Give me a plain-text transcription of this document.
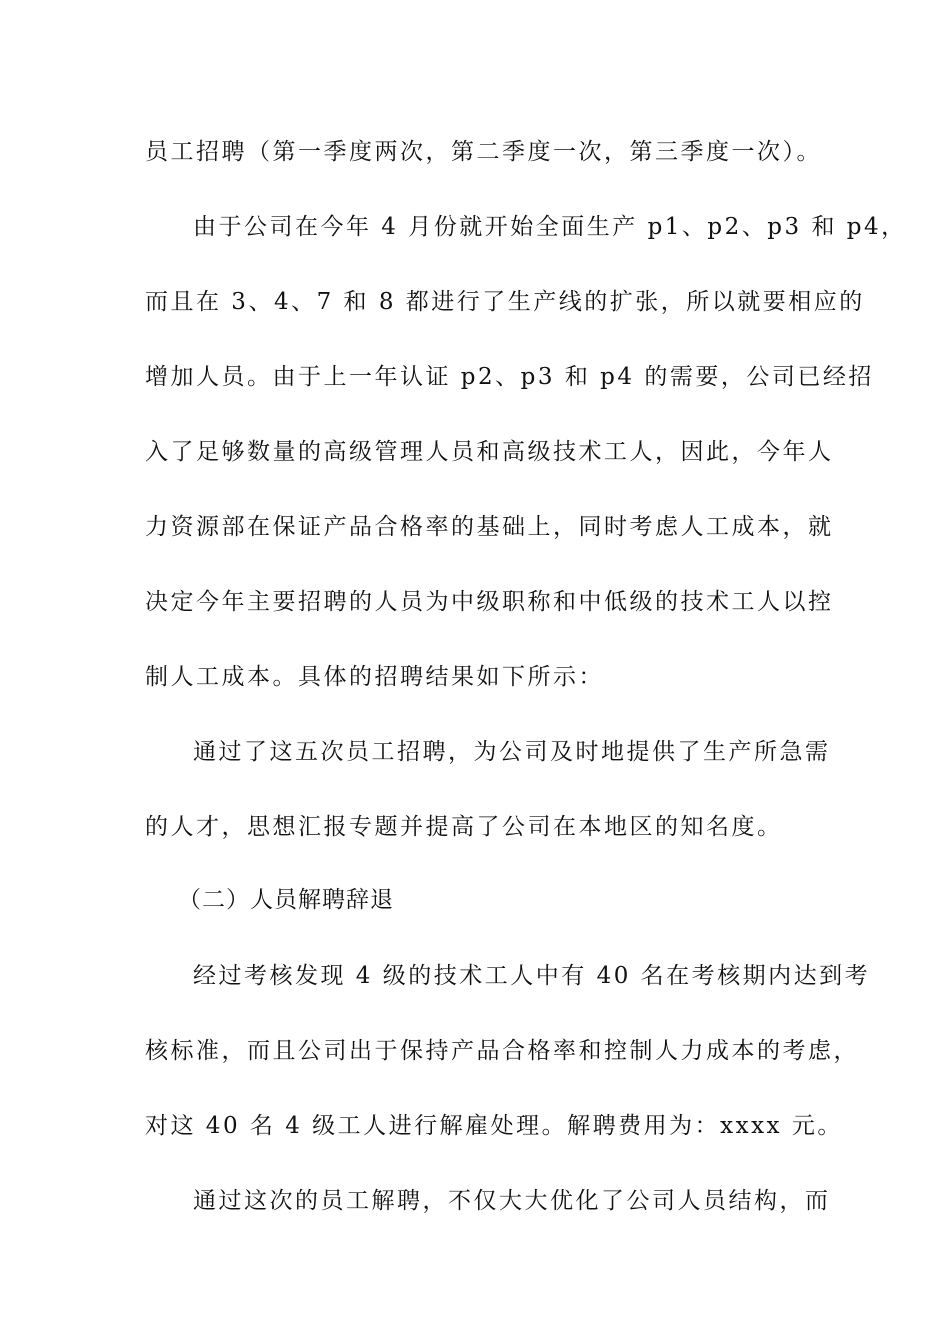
员工招聘（第一季度两次，第二季度一次，第三季度一次）。
由于公司在今年 4 月份就开始全面生产 p1、p2、p3 和 p4，
而且在 3、4、7 和 8 都进行了生产线的扩张，所以就要相应的
增加人员。由于上一年认证 p2、p3 和 p4 的需要，公司已经招
入了足够数量的高级管理人员和高级技术工人，因此，今年人
力资源部在保证产品合格率的基础上，同时考虑人工成本，就
决定今年主要招聘的人员为中级职称和中低级的技术工人以控
制人工成本。具体的招聘结果如下所示：
通过了这五次员工招聘，为公司及时地提供了生产所急需
的人才，思想汇报专题并提高了公司在本地区的知名度。
（二）人员解聘辞退
经过考核发现 4 级的技术工人中有 40 名在考核期内达到考
核标准，而且公司出于保持产品合格率和控制人力成本的考虑，
对这 40 名 4 级工人进行解雇处理。解聘费用为：xxxx 元。
通过这次的员工解聘，不仅大大优化了公司人员结构，而
